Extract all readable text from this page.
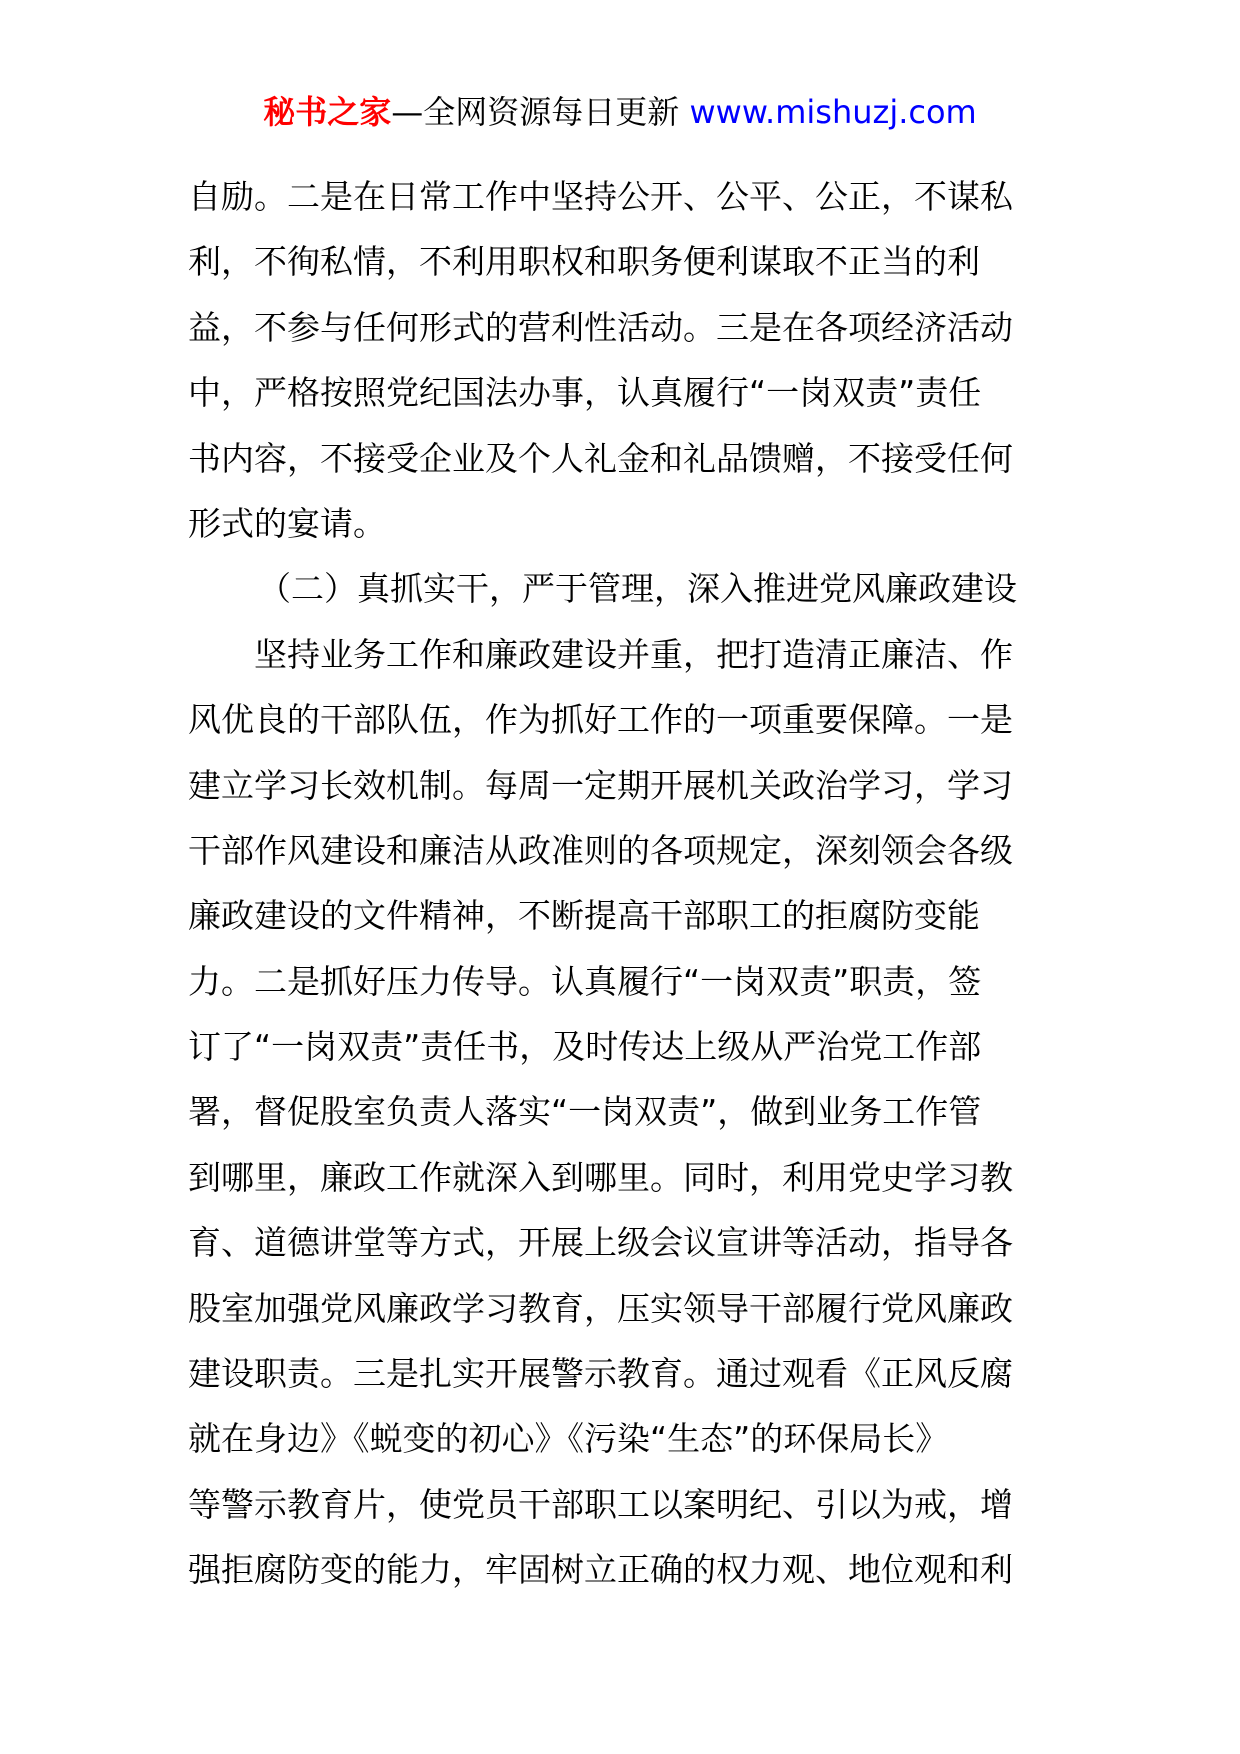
秘书之家—全网资源每日更新 www.mishuzj.com
自励。二是在日常工作中坚持公开、公平、公正，不谋私
利，不徇私情，不利用职权和职务便利谋取不正当的利
益，不参与任何形式的营利性活动。三是在各项经济活动
中，严格按照党纪国法办事，认真履行“一岗双责”责任
书内容，不接受企业及个人礼金和礼品馈赠，不接受任何
形式的宴请。
（二）真抓实干，严于管理，深入推进党风廉政建设
坚持业务工作和廉政建设并重，把打造清正廉洁、作
风优良的干部队伍，作为抓好工作的一项重要保障。一是
建立学习长效机制。每周一定期开展机关政治学习，学习
干部作风建设和廉洁从政准则的各项规定，深刻领会各级
廉政建设的文件精神，不断提高干部职工的拒腐防变能
力。二是抓好压力传导。认真履行“一岗双责”职责，签
订了“一岗双责”责任书，及时传达上级从严治党工作部
署，督促股室负责人落实“一岗双责”，做到业务工作管
到哪里，廉政工作就深入到哪里。同时，利用党史学习教
育、道德讲堂等方式，开展上级会议宣讲等活动，指导各
股室加强党风廉政学习教育，压实领导干部履行党风廉政
建设职责。三是扎实开展警示教育。通过观看《正风反腐
就在身边》《蜕变的初心》《污染“生态”的环保局长》
等警示教育片，使党员干部职工以案明纪、引以为戒，增
强拒腐防变的能力，牢固树立正确的权力观、地位观和利
